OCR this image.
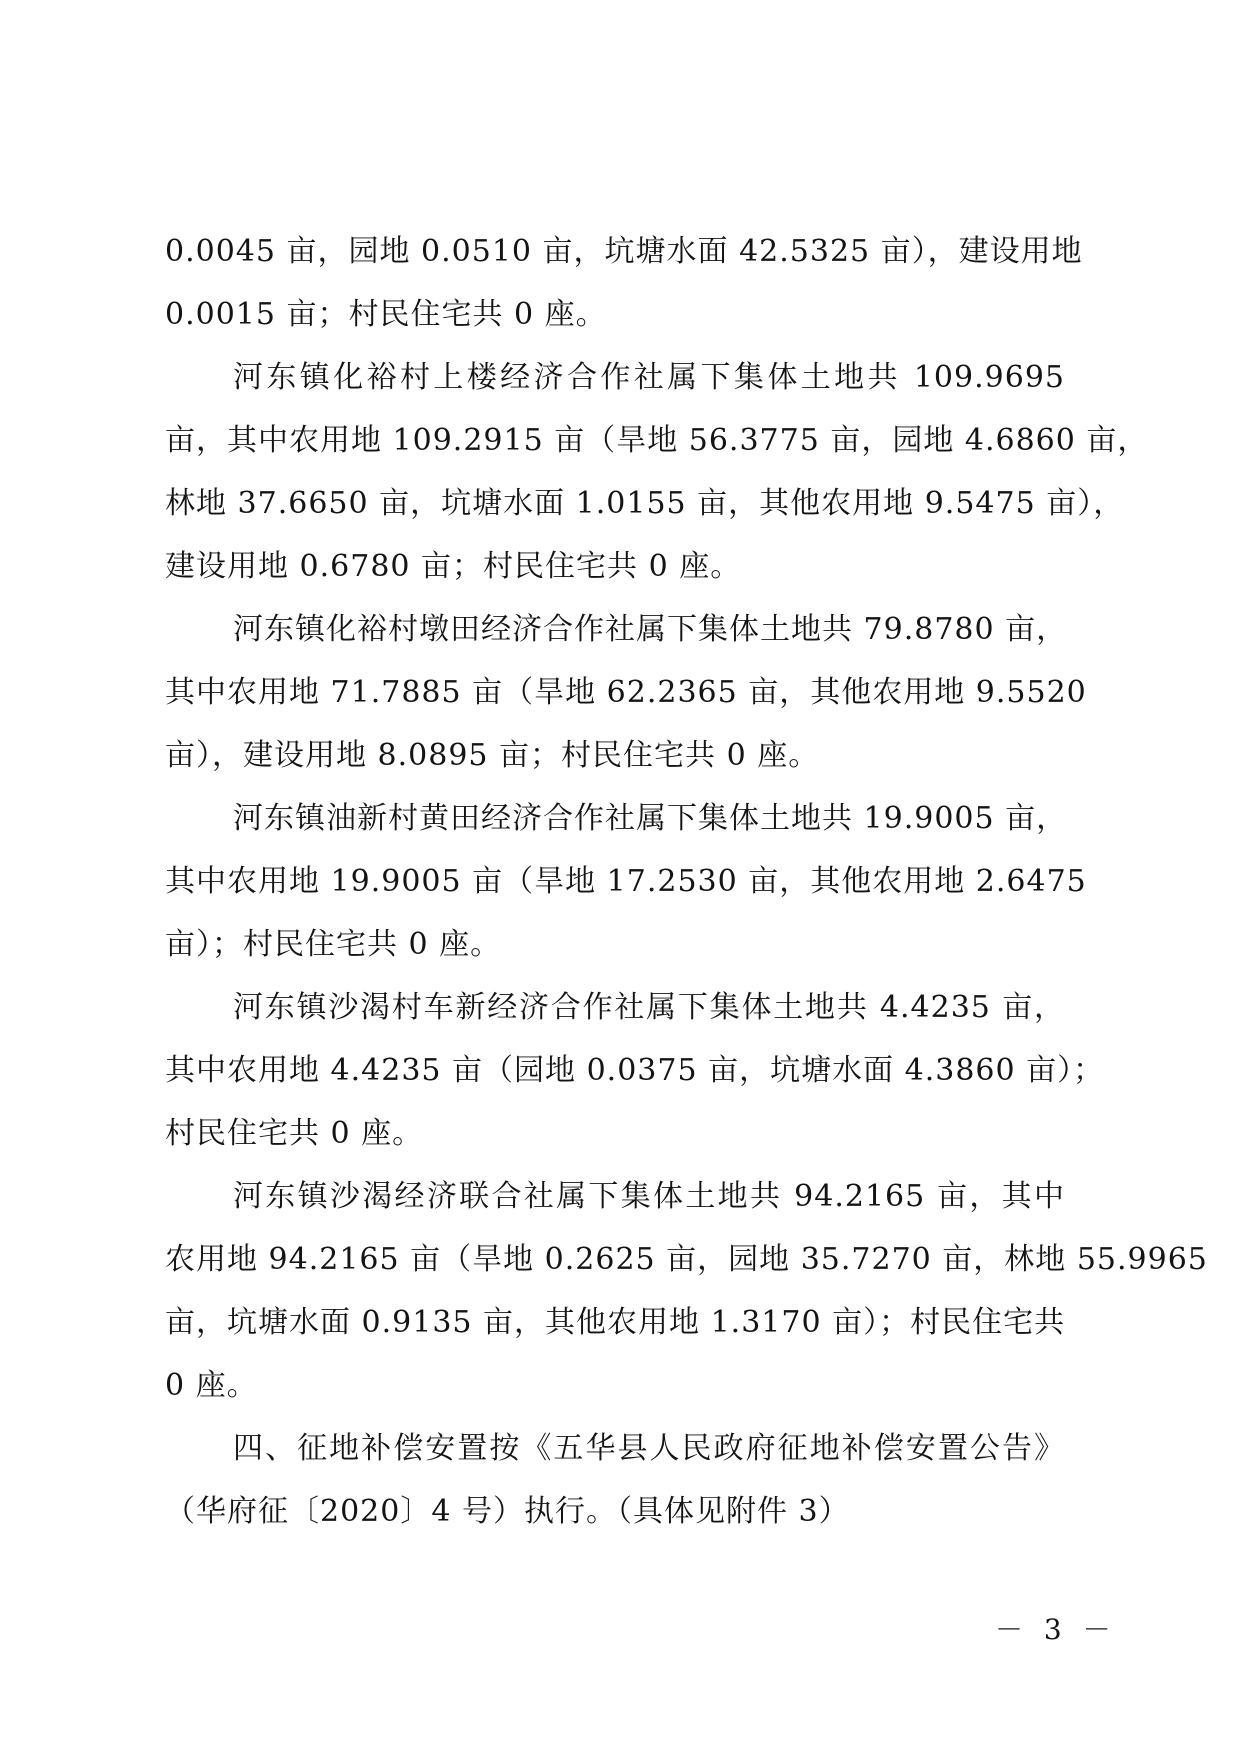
0.0045 亩，园地 0.0510 亩，坑塘水面 42.5325 亩），建设用地
0.0015 亩；村民住宅共 0 座。
河东镇化裕村上楼经济合作社属下集体土地共 109.9695
亩，其中农用地 109.2915 亩（旱地 56.3775 亩，园地 4.6860 亩，
林地 37.6650 亩，坑塘水面 1.0155 亩，其他农用地 9.5475 亩），
建设用地 0.6780 亩；村民住宅共 0 座。
河东镇化裕村墩田经济合作社属下集体土地共 79.8780 亩，
其中农用地 71.7885 亩（旱地 62.2365 亩，其他农用地 9.5520
亩），建设用地 8.0895 亩；村民住宅共 0 座。
河东镇油新村黄田经济合作社属下集体土地共 19.9005 亩，
其中农用地 19.9005 亩（旱地 17.2530 亩，其他农用地 2.6475
亩）；村民住宅共 0 座。
河东镇沙渴村车新经济合作社属下集体土地共 4.4235 亩，
其中农用地 4.4235 亩（园地 0.0375 亩，坑塘水面 4.3860 亩）；
村民住宅共 0 座。
河东镇沙渴经济联合社属下集体土地共 94.2165 亩，其中
农用地 94.2165 亩（旱地 0.2625 亩，园地 35.7270 亩，林地 55.9965
亩，坑塘水面 0.9135 亩，其他农用地 1.3170 亩）；村民住宅共
0 座。
四、征地补偿安置按《五华县人民政府征地补偿安置公告》
（华府征〔2020〕4 号）执行。（具体见附件 3）
－ 3 －
